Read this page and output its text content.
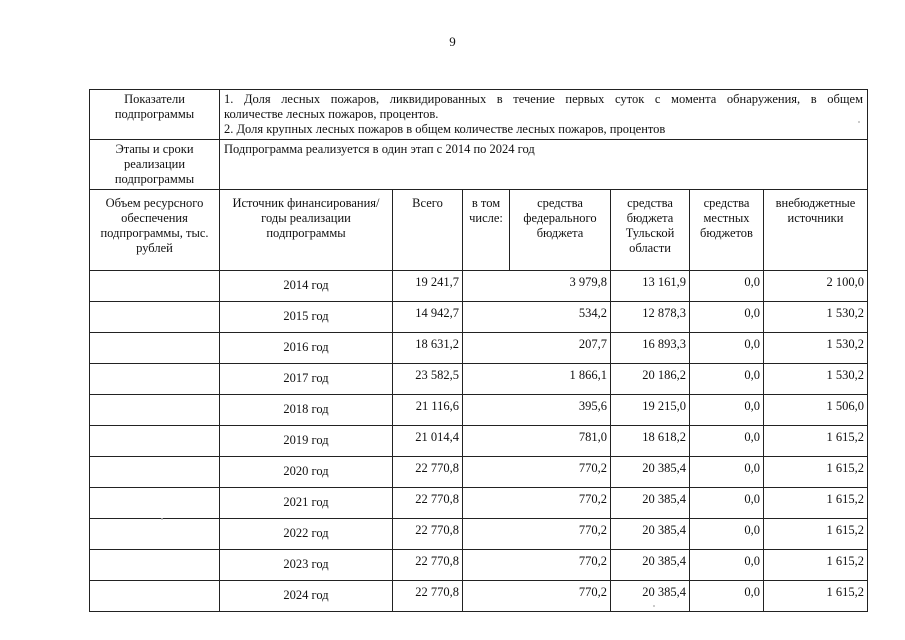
9
Показатели подпрограммы	1. Доля лесных пожаров, ликвидированных в течение первых суток с момента обнаружения, в общем
количестве лесных пожаров, процентов.
2. Доля крупных лесных пожаров в общем количестве лесных пожаров, процентов						

Этапы и сроки реализации подпрограммы	Подпрограмма реализуется в один этап с 2014 по 2024 год						
Объем ресурсного обеспечения подпрограммы, тыс. рублей	Источник финансирования/ годы реализации подпрограммы	Всего	в том числе:	средства федерального бюджета	средства бюджета Тульской области	средства местных бюджетов	внебюджетные источники
	2014 год	19 241,7	3 979,8		13 161,9	0,0	2 100,0
	2015 год	14 942,7	534,2		12 878,3	0,0	1 530,2
	2016 год	18 631,2	207,7		16 893,3	0,0	1 530,2
	2017 год	23 582,5	1 866,1		20 186,2	0,0	1 530,2
	2018 год	21 116,6	395,6		19 215,0	0,0	1 506,0
	2019 год	21 014,4	781,0		18 618,2	0,0	1 615,2
	2020 год	22 770,8	770,2		20 385,4	0,0	1 615,2
	2021 год	22 770,8	770,2		20 385,4	0,0	1 615,2
	2022 год	22 770,8	770,2		20 385,4	0,0	1 615,2
	2023 год	22 770,8	770,2		20 385,4	0,0	1 615,2
	2024 год	22 770,8	770,2		20 385,4	0,0	1 615,2
